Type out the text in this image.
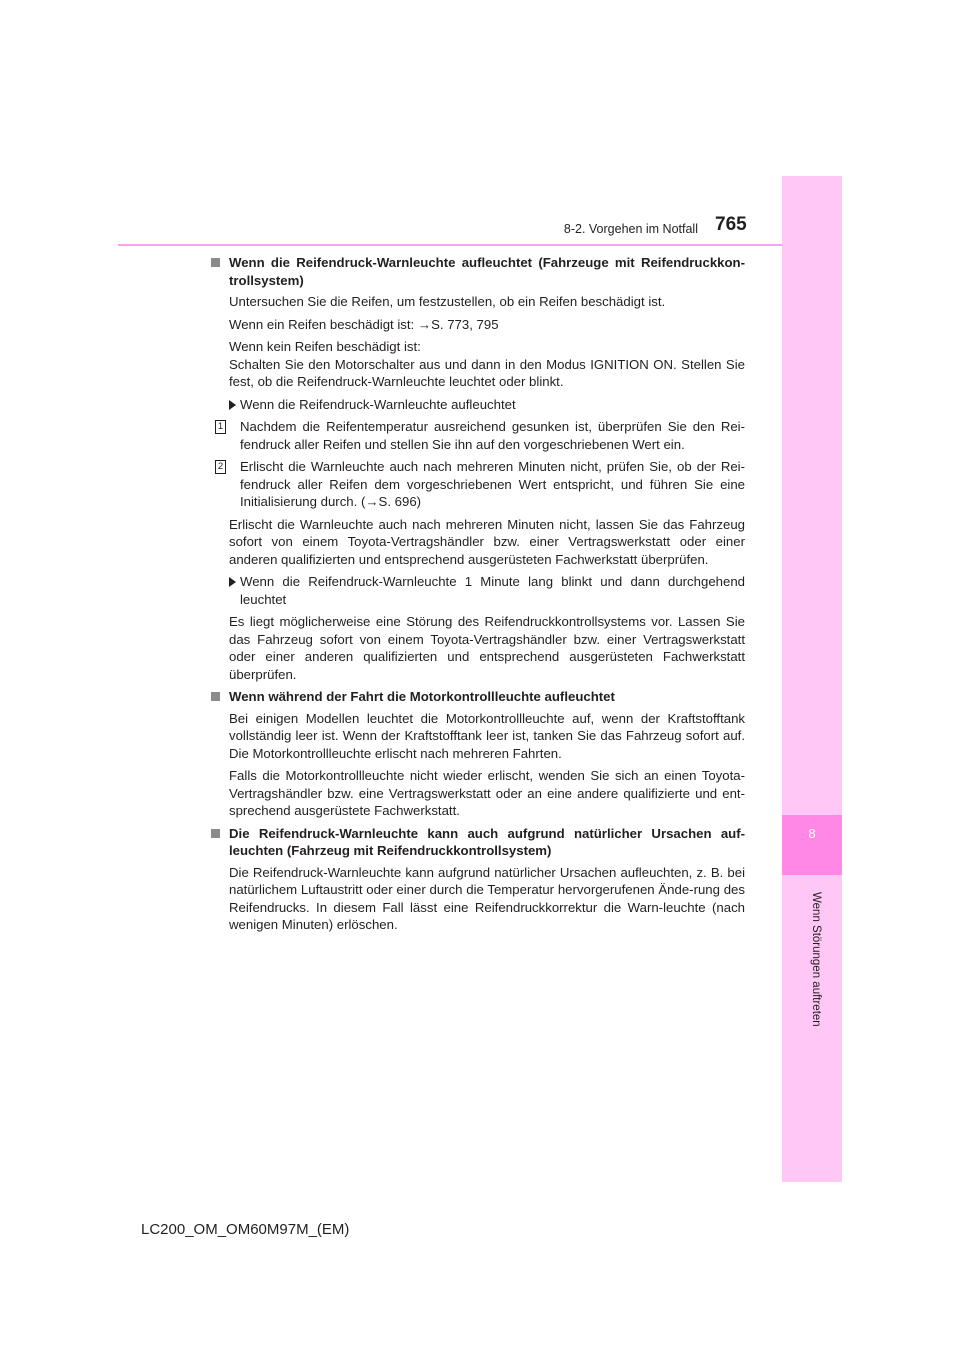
8
Wenn Störungen auftreten
8-2. Vorgehen im Notfall 765
Wenn die Reifendruck-Warnleuchte aufleuchtet (Fahrzeuge mit Reifendruckkon-trollsystem)
Untersuchen Sie die Reifen, um festzustellen, ob ein Reifen beschädigt ist.
Wenn ein Reifen beschädigt ist: →S. 773, 795
Wenn kein Reifen beschädigt ist:
Schalten Sie den Motorschalter aus und dann in den Modus IGNITION ON. Stellen Sie fest, ob die Reifendruck-Warnleuchte leuchtet oder blinkt.
Wenn die Reifendruck-Warnleuchte aufleuchtet
1 Nachdem die Reifentemperatur ausreichend gesunken ist, überprüfen Sie den Rei-fendruck aller Reifen und stellen Sie ihn auf den vorgeschriebenen Wert ein.
2 Erlischt die Warnleuchte auch nach mehreren Minuten nicht, prüfen Sie, ob der Rei-fendruck aller Reifen dem vorgeschriebenen Wert entspricht, und führen Sie eine Initialisierung durch. (→S. 696)
Erlischt die Warnleuchte auch nach mehreren Minuten nicht, lassen Sie das Fahrzeug sofort von einem Toyota-Vertragshändler bzw. einer Vertragswerkstatt oder einer anderen qualifizierten und entsprechend ausgerüsteten Fachwerkstatt überprüfen.
Wenn die Reifendruck-Warnleuchte 1 Minute lang blinkt und dann durchgehend leuchtet
Es liegt möglicherweise eine Störung des Reifendruckkontrollsystems vor. Lassen Sie das Fahrzeug sofort von einem Toyota-Vertragshändler bzw. einer Vertragswerkstatt oder einer anderen qualifizierten und entsprechend ausgerüsteten Fachwerkstatt überprüfen.
Wenn während der Fahrt die Motorkontrollleuchte aufleuchtet
Bei einigen Modellen leuchtet die Motorkontrollleuchte auf, wenn der Kraftstofftank vollständig leer ist. Wenn der Kraftstofftank leer ist, tanken Sie das Fahrzeug sofort auf. Die Motorkontrollleuchte erlischt nach mehreren Fahrten.
Falls die Motorkontrollleuchte nicht wieder erlischt, wenden Sie sich an einen Toyota-Vertragshändler bzw. eine Vertragswerkstatt oder an eine andere qualifizierte und ent-sprechend ausgerüstete Fachwerkstatt.
Die Reifendruck-Warnleuchte kann auch aufgrund natürlicher Ursachen auf-leuchten (Fahrzeug mit Reifendruckkontrollsystem)
Die Reifendruck-Warnleuchte kann aufgrund natürlicher Ursachen aufleuchten, z. B. bei natürlichem Luftaustritt oder einer durch die Temperatur hervorgerufenen Ände-rung des Reifendrucks. In diesem Fall lässt eine Reifendruckkorrektur die Warn-leuchte (nach wenigen Minuten) erlöschen.
LC200_OM_OM60M97M_(EM)
